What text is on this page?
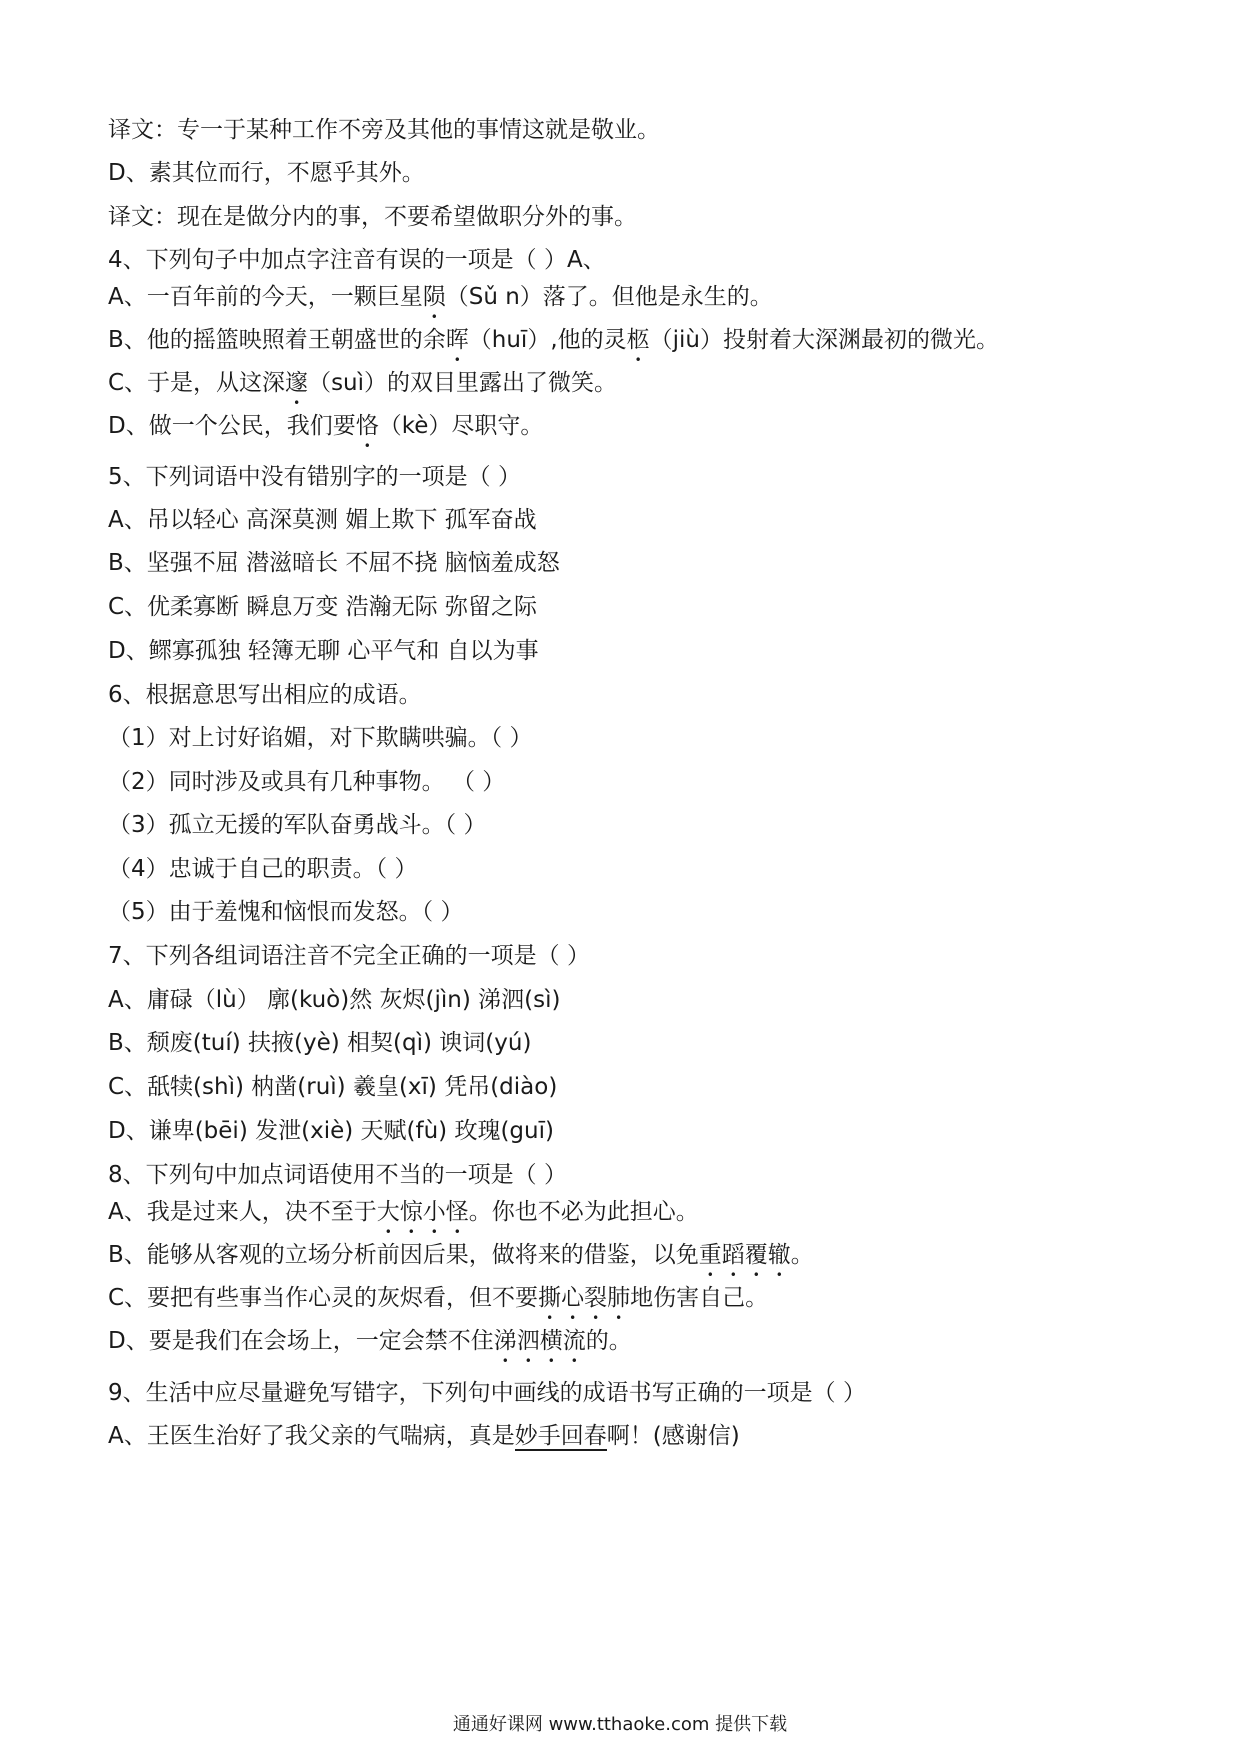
译文：专一于某种工作不旁及其他的事情这就是敬业。
D、素其位而行，不愿乎其外。
译文：现在是做分内的事，不要希望做职分外的事。
4、下列句子中加点字注音有误的一项是（ ）A、
A、一百年前的今天，一颗巨星陨（Sǔ n）落了。但他是永生的。
B、他的摇篮映照着王朝盛世的余晖（huī）,他的灵柩（jiù）投射着大深渊最初的微光。
C、于是，从这深邃（suì）的双目里露出了微笑。
D、做一个公民，我们要恪（kè）尽职守。
5、下列词语中没有错别字的一项是（ ）
A、吊以轻心 高深莫测 媚上欺下 孤军奋战
B、坚强不屈 潜滋暗长 不屈不挠 脑恼羞成怒
C、优柔寡断 瞬息万变 浩瀚无际 弥留之际
D、鳏寡孤独 轻簿无聊 心平气和 自以为事
6、根据意思写出相应的成语。
（1）对上讨好谄媚，对下欺瞒哄骗。（ ）
（2）同时涉及或具有几种事物。 （ ）
（3）孤立无援的军队奋勇战斗。（ ）
（4）忠诚于自己的职责。（ ）
（5）由于羞愧和恼恨而发怒。（ ）
7、下列各组词语注音不完全正确的一项是（ ）
A、庸碌（lù） 廓(kuò)然 灰烬(jìn) 涕泗(sì)
B、颓废(tuí) 扶掖(yè) 相契(qì) 谀词(yú)
C、舐犊(shì) 枘凿(ruì) 羲皇(xī) 凭吊(diào)
D、谦卑(bēi) 发泄(xiè) 天赋(fù) 玫瑰(guī)
8、下列句中加点词语使用不当的一项是（ ）
A、我是过来人，决不至于大惊小怪。你也不必为此担心。
B、能够从客观的立场分析前因后果，做将来的借鉴，以免重蹈覆辙。
C、要把有些事当作心灵的灰烬看，但不要撕心裂肺地伤害自己。
D、要是我们在会场上，一定会禁不住涕泗横流的。
9、生活中应尽量避免写错字，下列句中画线的成语书写正确的一项是（ ）
A、王医生治好了我父亲的气喘病，真是妙手回春啊！(感谢信)
通通好课网 www.tthaoke.com 提供下载
